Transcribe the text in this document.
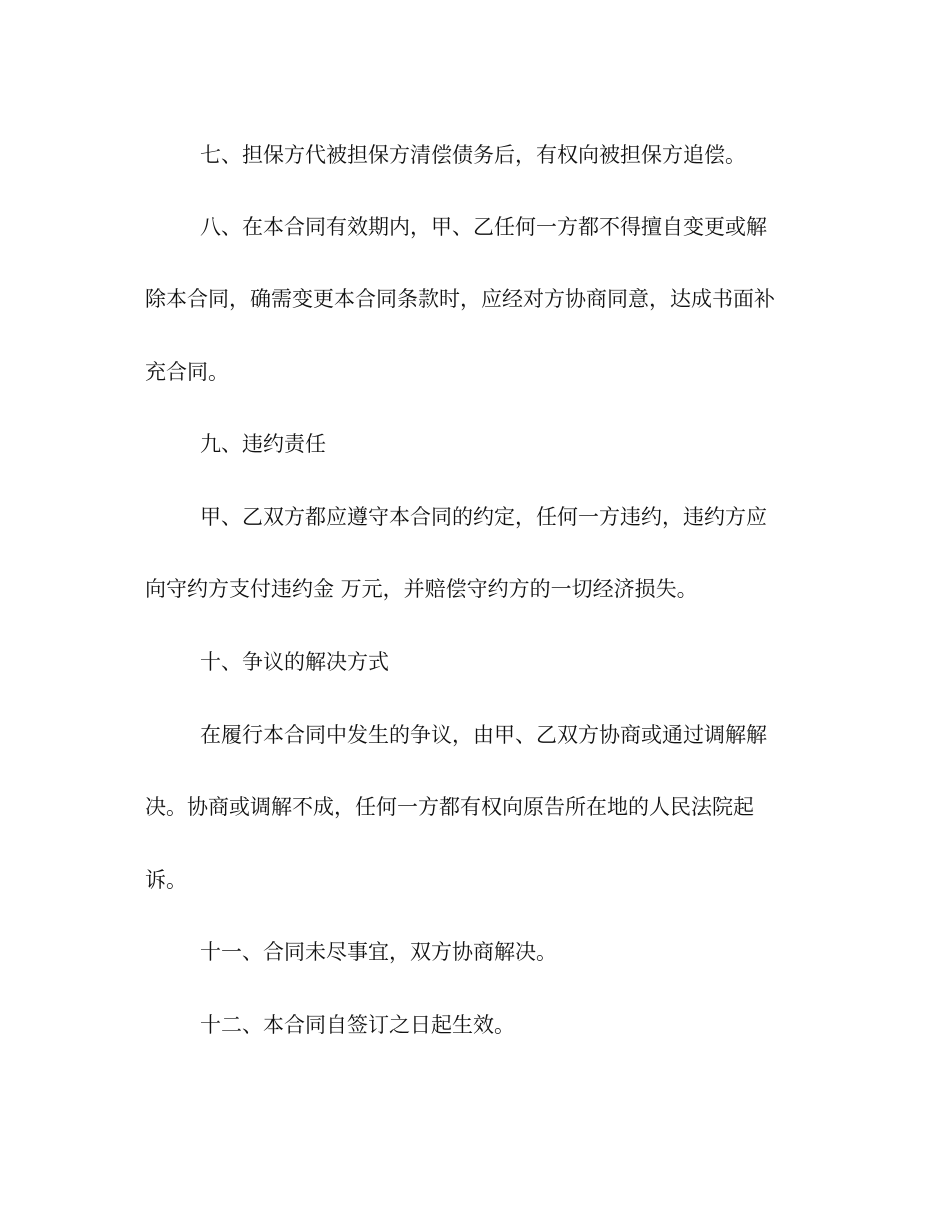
七、担保方代被担保方清偿债务后，有权向被担保方追偿。
八、在本合同有效期内，甲、乙任何一方都不得擅自变更或解
除本合同，确需变更本合同条款时，应经对方协商同意，达成书面补
充合同。
九、违约责任
甲、乙双方都应遵守本合同的约定，任何一方违约，违约方应
向守约方支付违约金 万元，并赔偿守约方的一切经济损失。
十、争议的解决方式
在履行本合同中发生的争议，由甲、乙双方协商或通过调解解
决。协商或调解不成，任何一方都有权向原告所在地的人民法院起
诉。
十一、合同未尽事宜，双方协商解决。
十二、本合同自签订之日起生效。
